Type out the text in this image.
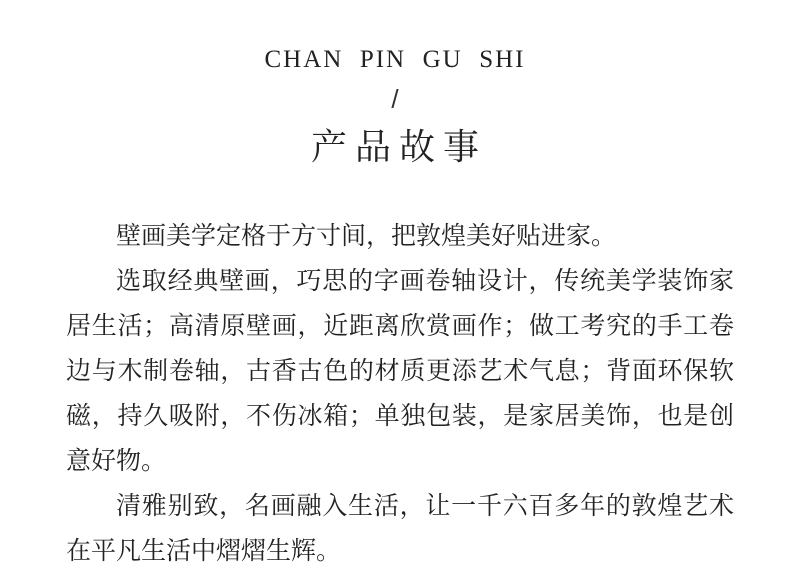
CHAN  PIN  GU  SHI
/
产品故事

壁画美学定格于方寸间，把敦煌美好贴进家。

选取经典壁画，巧思的字画卷轴设计，传统美学装饰家居生活；高清原壁画，近距离欣赏画作；做工考究的手工卷边与木制卷轴，古香古色的材质更添艺术气息；背面环保软磁，持久吸附，不伤冰箱；单独包装，是家居美饰，也是创意好物。

清雅别致，名画融入生活，让一千六百多年的敦煌艺术在平凡生活中熠熠生辉。
